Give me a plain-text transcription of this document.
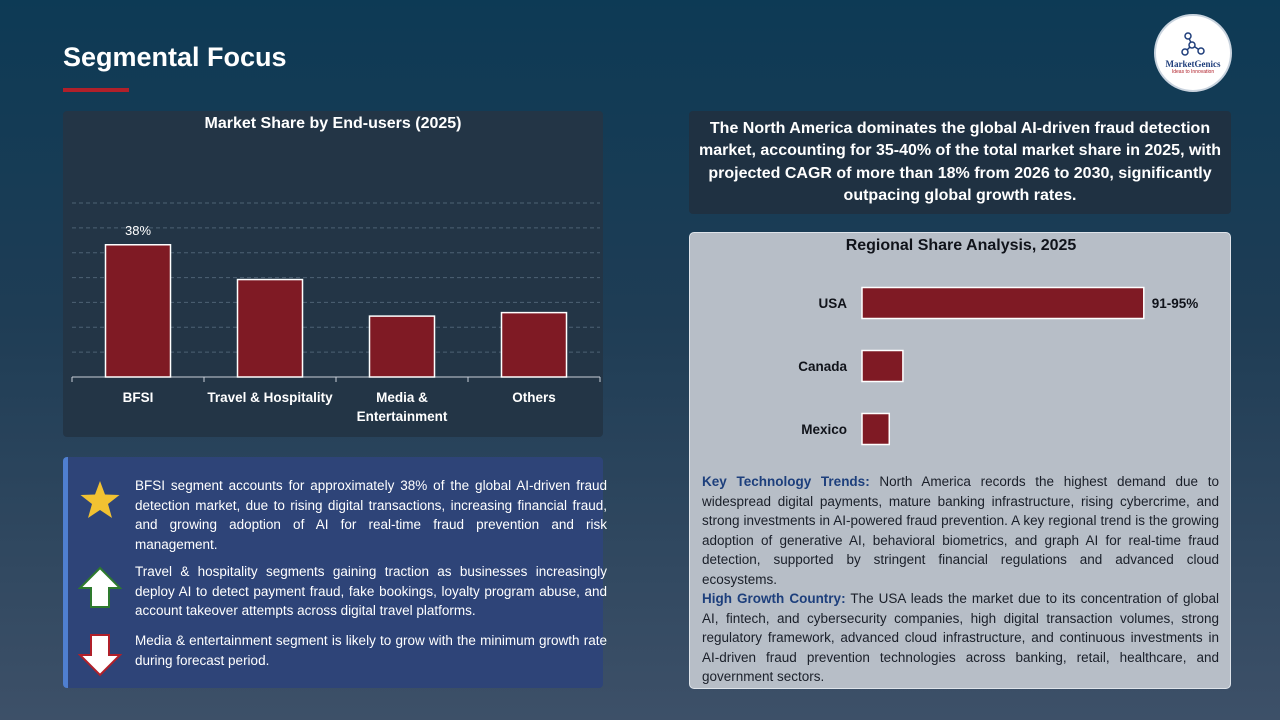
Segmental Focus	MarketGenics
Ideas to Innovation
38%
BFSI	Travel & Hospitality	Media &
Entertainment
Others
Market Share by End-users (2025)
BFSI segment accounts for approximately 38% of the global AI-driven fraud detection market, due to rising digital transactions, increasing financial fraud, and growing adoption of AI for real-time fraud prevention and risk management.
Travel & hospitality segments gaining traction as businesses increasingly deploy AI to detect payment fraud, fake bookings, loyalty program abuse, and account takeover attempts across digital travel platforms.
Media & entertainment segment is likely to grow with the minimum growth rate during forecast period.
The North America dominates the global AI-driven fraud detection market, accounting for 35-40% of the total market share in 2025, with projected CAGR of more than 18% from 2026 to 2030, significantly outpacing global growth rates.
USA	91-95%
Canada
Mexico
Regional Share Analysis, 2025
Key Technology Trends: North America records the highest demand due to widespread digital payments, mature banking infrastructure, rising cybercrime, and strong investments in AI-powered fraud prevention. A key regional trend is the growing adoption of generative AI, behavioral biometrics, and graph AI for real-time fraud detection, supported by stringent financial regulations and advanced cloud ecosystems.
High Growth Country: The USA leads the market due to its concentration of global AI, fintech, and cybersecurity companies, high digital transaction volumes, strong regulatory framework, advanced cloud infrastructure, and continuous investments in AI-driven fraud prevention technologies across banking, retail, healthcare, and government sectors.
